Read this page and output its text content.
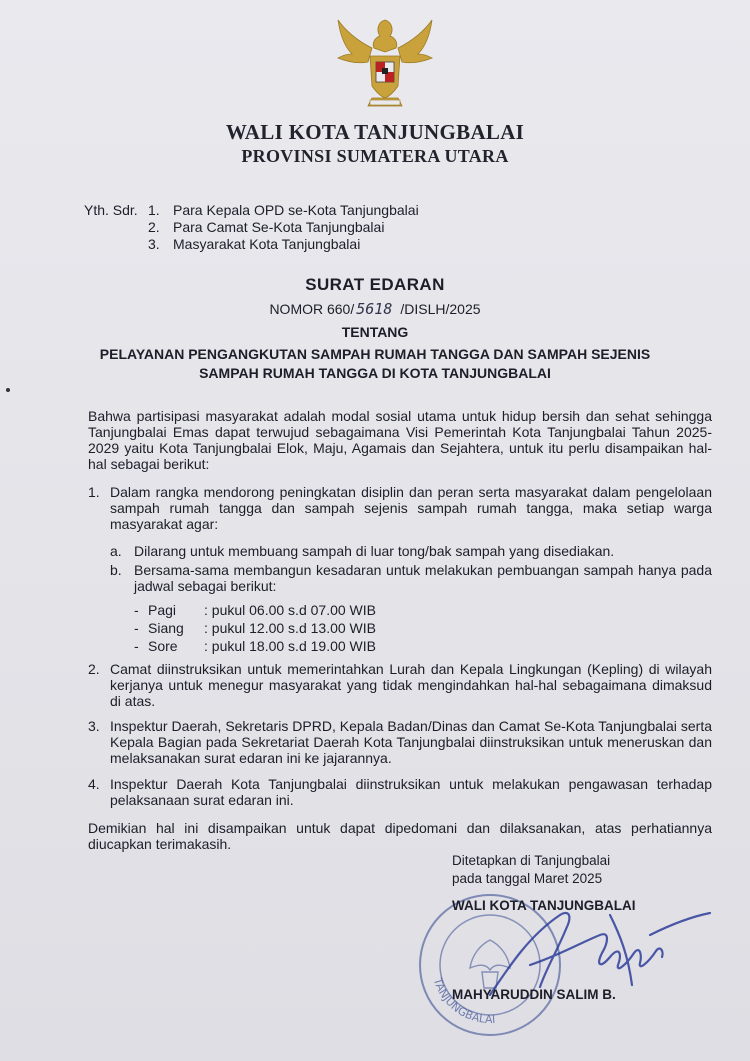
WALI KOTA TANJUNGBALAI
PROVINSI SUMATERA UTARA
Yth. Sdr. 1. Para Kepala OPD se-Kota Tanjungbalai
2. Para Camat Se-Kota Tanjungbalai
3. Masyarakat Kota Tanjungbalai
SURAT EDARAN
NOMOR 660/ 5618 /DISLH/2025
TENTANG
PELAYANAN PENGANGKUTAN SAMPAH RUMAH TANGGA DAN SAMPAH SEJENIS
SAMPAH RUMAH TANGGA DI KOTA TANJUNGBALAI
Bahwa partisipasi masyarakat adalah modal sosial utama untuk hidup bersih dan sehat sehingga Tanjungbalai Emas dapat terwujud sebagaimana Visi Pemerintah Kota Tanjungbalai Tahun 2025-2029 yaitu Kota Tanjungbalai Elok, Maju, Agamais dan Sejahtera, untuk itu perlu disampaikan hal-hal sebagai berikut:
1. Dalam rangka mendorong peningkatan disiplin dan peran serta masyarakat dalam pengelolaan sampah rumah tangga dan sampah sejenis sampah rumah tangga, maka setiap warga masyarakat agar:
a. Dilarang untuk membuang sampah di luar tong/bak sampah yang disediakan.
b. Bersama-sama membangun kesadaran untuk melakukan pembuangan sampah hanya pada jadwal sebagai berikut:
- Pagi : pukul 06.00 s.d 07.00 WIB
- Siang : pukul 12.00 s.d 13.00 WIB
- Sore : pukul 18.00 s.d 19.00 WIB
2. Camat diinstruksikan untuk memerintahkan Lurah dan Kepala Lingkungan (Kepling) di wilayah kerjanya untuk menegur masyarakat yang tidak mengindahkan hal-hal sebagaimana dimaksud di atas.
3. Inspektur Daerah, Sekretaris DPRD, Kepala Badan/Dinas dan Camat Se-Kota Tanjungbalai serta Kepala Bagian pada Sekretariat Daerah Kota Tanjungbalai diinstruksikan untuk meneruskan dan melaksanakan surat edaran ini ke jajarannya.
4. Inspektur Daerah Kota Tanjungbalai diinstruksikan untuk melakukan pengawasan terhadap pelaksanaan surat edaran ini.
Demikian hal ini disampaikan untuk dapat dipedomani dan dilaksanakan, atas perhatiannya diucapkan terimakasih.
TANJUNGBALAI
Ditetapkan di Tanjungbalai
pada tanggal Maret 2025
WALI KOTA TANJUNGBALAI
MAHYARUDDIN SALIM B.
